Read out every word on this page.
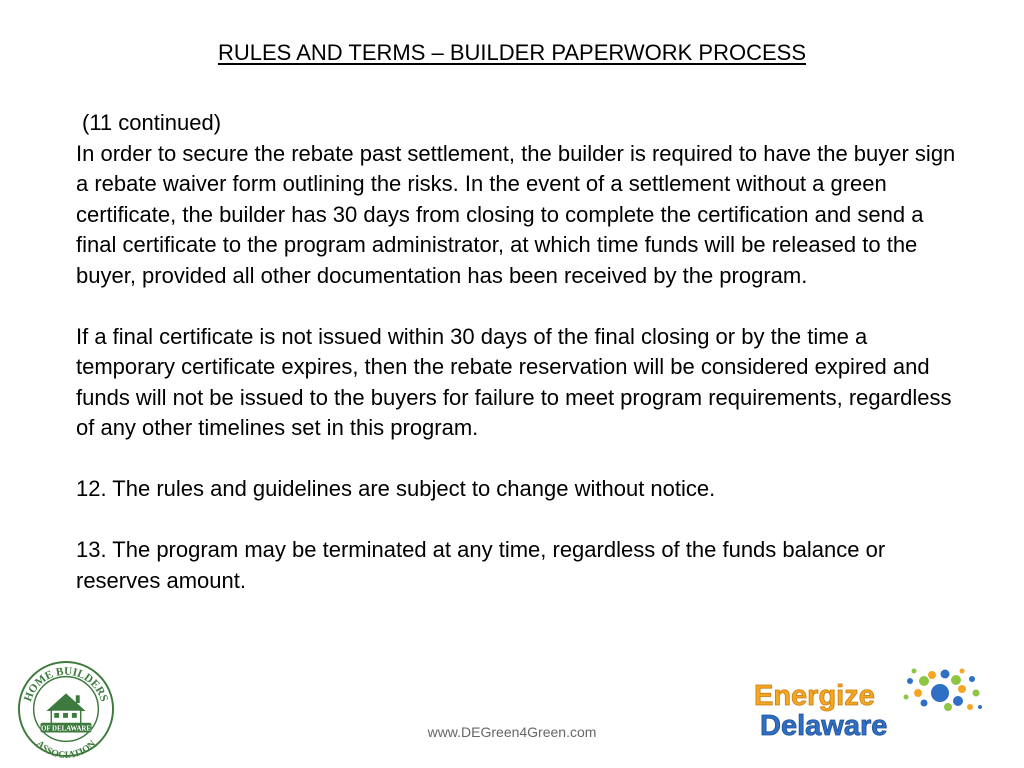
RULES AND TERMS – BUILDER PAPERWORK PROCESS

(11 continued)

In order to secure the rebate past settlement, the builder is required to have the buyer sign a rebate waiver form outlining the risks. In the event of a settlement without a green certificate, the builder has 30 days from closing to complete the certification and send a final certificate to the program administrator, at which time funds will be released to the buyer, provided all other documentation has been received by the program.

If a final certificate is not issued within 30 days of the final closing or by the time a temporary certificate expires, then the rebate reservation will be considered expired and funds will not be issued to the buyers for failure to meet program requirements, regardless of any other timelines set in this program.

12. The rules and guidelines are subject to change without notice.

13. The program may be terminated at any time, regardless of the funds balance or reserves amount.

HOME BUILDERS
ASSOCIATION
OF DELAWARE	www.DEGreen4Green.com
Energize
Delaware
